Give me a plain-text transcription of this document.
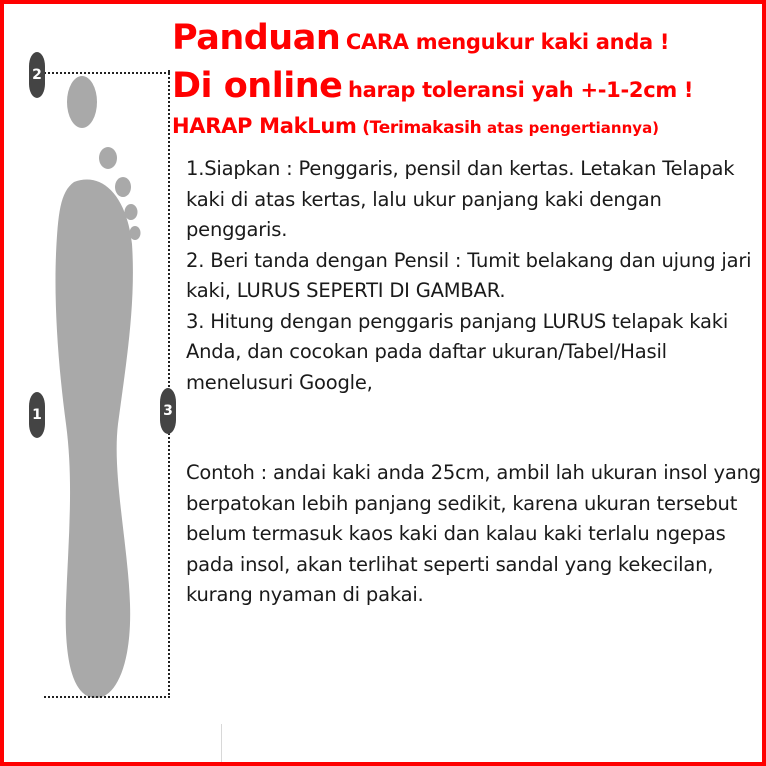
Panduan CARA mengukur kaki anda !
Di online harap toleransi yah +-1-2cm !
HARAP MakLum (Terimakasih atas pengertiannya)
2
1	3

1.Siapkan : Penggaris, pensil dan kertas. Letakan Telapak kaki di atas kertas, lalu ukur panjang kaki dengan penggaris.

2. Beri tanda dengan Pensil : Tumit belakang dan ujung jari kaki, LURUS SEPERTI DI GAMBAR.

3. Hitung dengan penggaris panjang LURUS telapak kaki Anda, dan cocokan pada daftar ukuran/Tabel/Hasil menelusuri Google,

Contoh : andai kaki anda 25cm, ambil lah ukuran insol yang berpatokan lebih panjang sedikit, karena ukuran tersebut belum termasuk kaos kaki dan kalau kaki terlalu ngepas pada insol, akan terlihat seperti sandal yang kekecilan, kurang nyaman di pakai.
